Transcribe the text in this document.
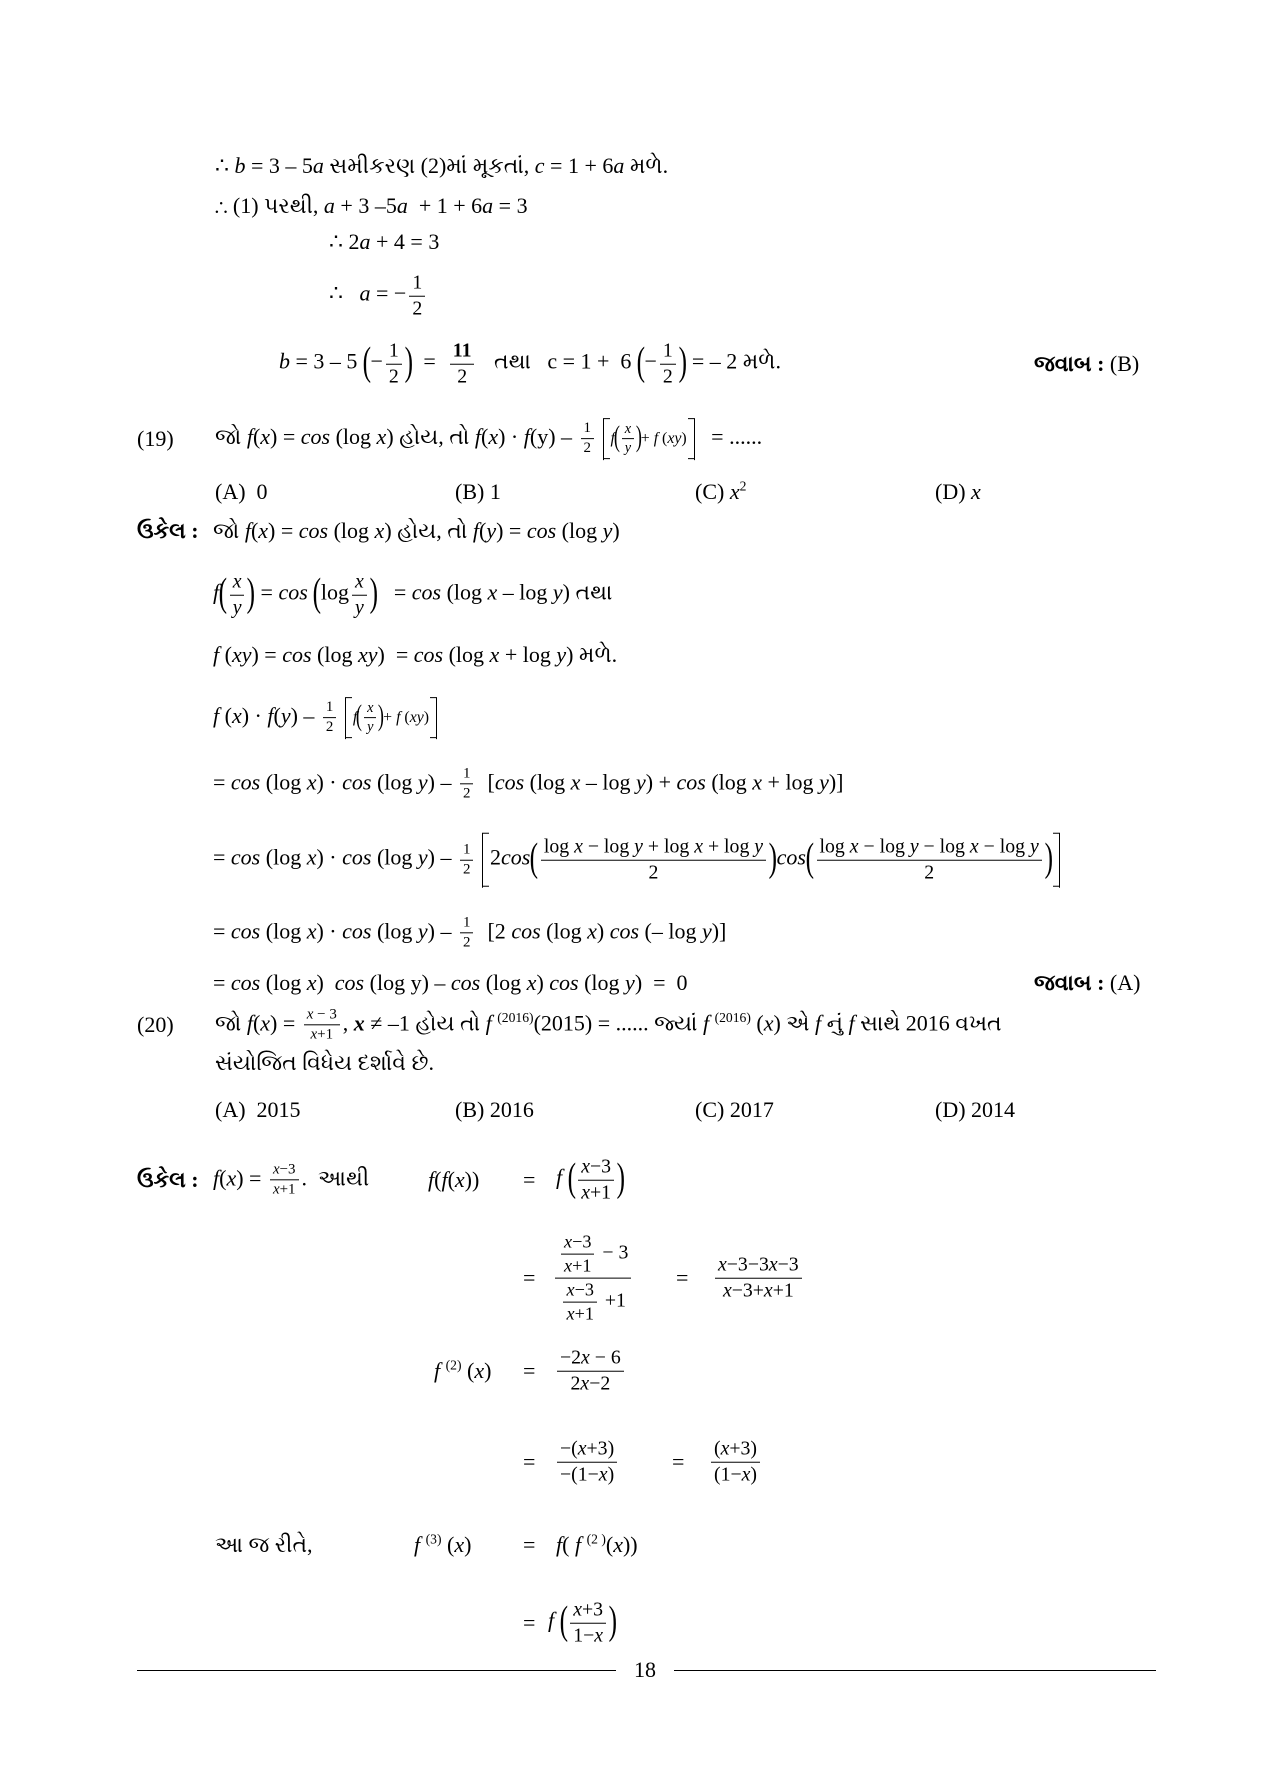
∴ b = 3 – 5a સમીકરણ (2)માં મૂકતાં, c = 1 + 6a મળે.
∴ (1) પરથી, a + 3 –5a  + 1 + 6a = 3
∴ 2a + 4 = 3
∴   a = − $\frac{1}{2}$
b = 3 – 5 (− $\frac{1}{2}$ )  = $\frac{11}{2}$ તથા   c = 1 +  6 (− $\frac{1}{2}$ ) = – 2 મળે.	જવાબ : (B)
(19) જો f(x) = cos (log x) હોય, તો $f(x) \cdot f(y) - \frac{1}{2} f( \frac{x}{y}$ )+ f (xy)   = ......
(A)  0	(B) 1	(C) $x^2$	(D) x
ઉકેલ : જો f(x) = cos (log x) હોય, તો f(y) = cos (log y)
$f( \frac{x}{y}$ ) = $\cos (\log \frac{x}{y}$ )   = cos (log x – log y) તથા
f (xy) = cos (log xy)  = cos (log x + log y) મળે.
f $(x) \cdot f(y) - \frac{1}{2} f( \frac{x}{y}$ )+ f (xy)
= cos (log x) · cos (log $y) - \frac{1}{2} [\cos$ (log x – log y) + cos (log x + log y)]
= cos (log x) · cos (log $y) - \frac{1}{2} 2\cos( \frac{\text{log x − log y + log x + log y}}{2} )\cos( \frac{\text{log x − log y − log x − log y}}{2}$ )
= cos (log x) · cos (log $y) - \frac{1}{2} [2$ cos (log x) cos (– log y)]
= cos (log x)  cos (log y) – cos (log x) cos (log y)  =  0	જવાબ : (A)
(20) જો $f(x) = \frac{x - 3}{x+1}$ , x ≠ –1 હોય તો f $^{(2016)}$(2015) = ...... જ્યાં f $^{(2016)}$ (x) એ f નું f સાથે 2016 વખત
સંયોજિત વિધેય દર્શાવે છે.
(A)  2015	(B) 2016	(C) 2017	(D) 2014
ઉકેલ : $f(x) = \frac{x-3}{x+1}$ .  આથી	f(f(x)) = f ( $\frac{x-3}{x+1}$ )
= $\frac{\frac{x-3}{x+1} - 3}{\frac{x-3}{x+1} +1} = \frac{x-3-3x-3}{x-3+x+1}$
f $^{(2)}$ $(x) = \frac{-2x - 6}{2x-2}$
= $\frac{-(x+3)}{-(1-x)} = \frac{(x+3)}{(1-x)}$
આ જ રીતે,	f $^{(3)}$ (x) = f( f $^{(2 )}$(x))
= f ( $\frac{x+3}{1-x}$ )
18
